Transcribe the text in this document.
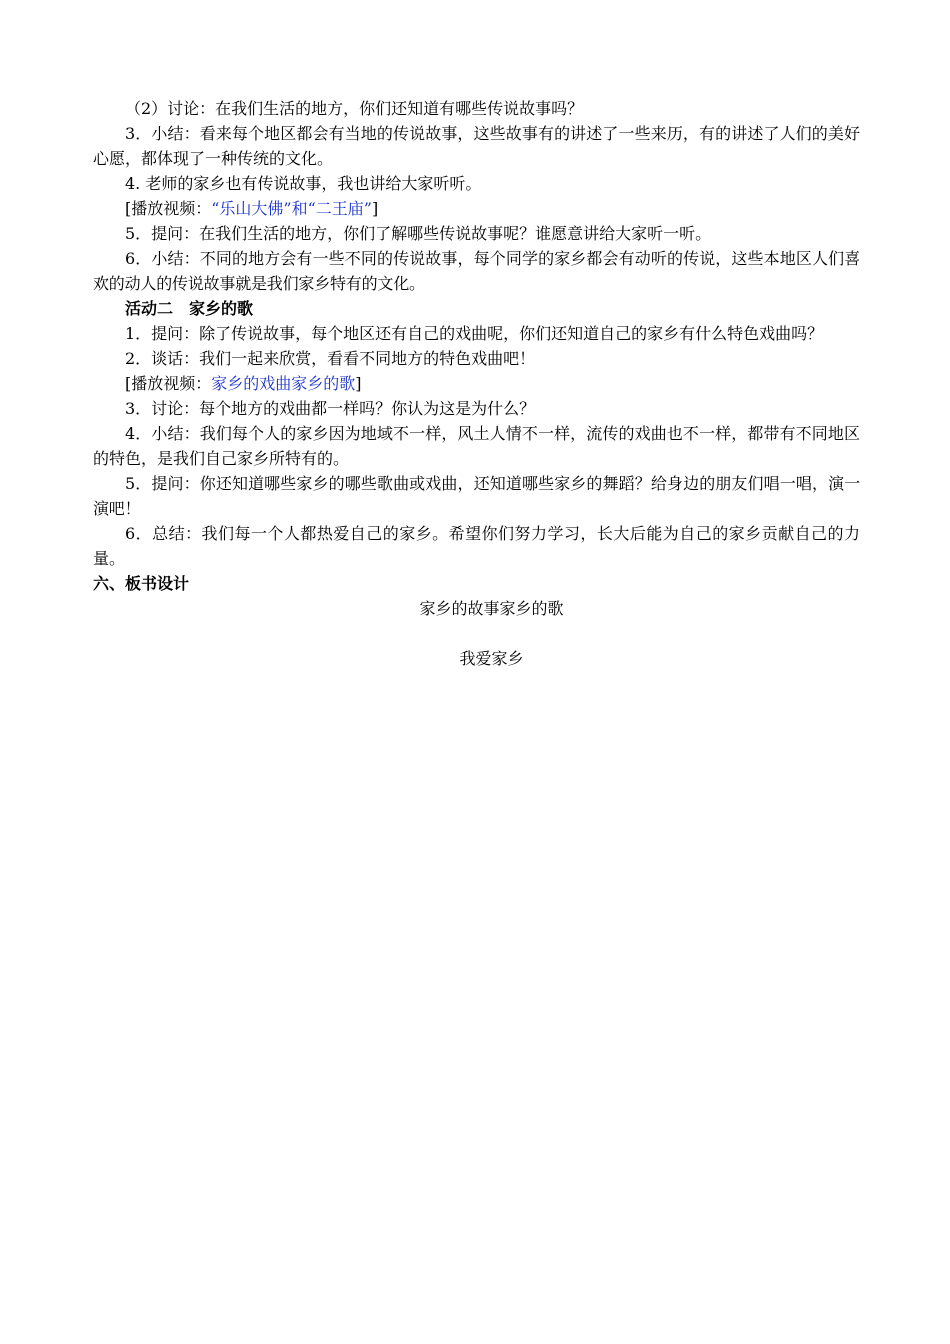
（2）讨论：在我们生活的地方，你们还知道有哪些传说故事吗？

3．小结：看来每个地区都会有当地的传说故事，这些故事有的讲述了一些来历，有的讲述了人们的美好心愿，都体现了一种传统的文化。

4. 老师的家乡也有传说故事，我也讲给大家听听。

[播放视频：“乐山大佛”和“二王庙”]

5．提问：在我们生活的地方，你们了解哪些传说故事呢？谁愿意讲给大家听一听。

6．小结：不同的地方会有一些不同的传说故事，每个同学的家乡都会有动听的传说，这些本地区人们喜欢的动人的传说故事就是我们家乡特有的文化。

活动二　家乡的歌

1．提问：除了传说故事，每个地区还有自己的戏曲呢，你们还知道自己的家乡有什么特色戏曲吗？

2．谈话：我们一起来欣赏，看看不同地方的特色戏曲吧！

[播放视频：家乡的戏曲家乡的歌]

3．讨论：每个地方的戏曲都一样吗？你认为这是为什么？

4．小结：我们每个人的家乡因为地域不一样，风土人情不一样，流传的戏曲也不一样，都带有不同地区的特色，是我们自己家乡所特有的。

5．提问：你还知道哪些家乡的哪些歌曲或戏曲，还知道哪些家乡的舞蹈？给身边的朋友们唱一唱，演一演吧！

6．总结：我们每一个人都热爱自己的家乡。希望你们努力学习，长大后能为自己的家乡贡献自己的力量。

六、板书设计

家乡的故事家乡的歌

我爱家乡
